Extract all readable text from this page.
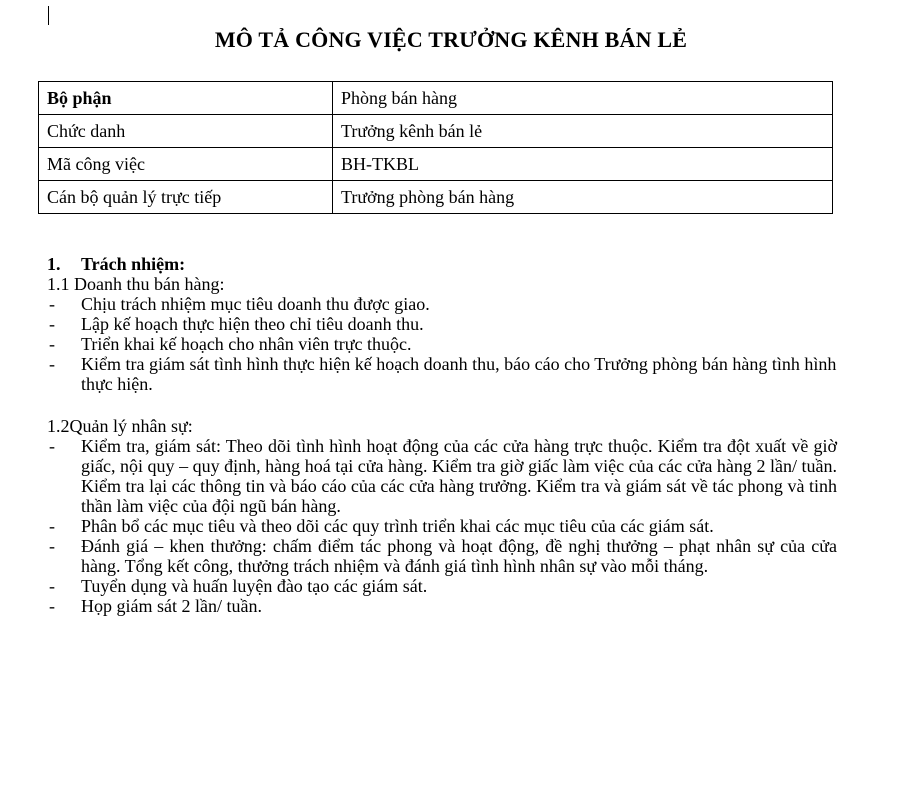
MÔ TẢ CÔNG VIỆC TRƯỞNG KÊNH BÁN LẺ
Bộ phận	Phòng bán hàng
Chức danh	Trưởng kênh bán lẻ
Mã công việc	BH-TKBL
Cán bộ quản lý trực tiếp	Trưởng phòng bán hàng
1. Trách nhiệm:
1.1 Doanh thu bán hàng:
- Chịu trách nhiệm mục tiêu doanh thu được giao.
- Lập kế hoạch thực hiện theo chỉ tiêu doanh thu.
- Triển khai kế hoạch cho nhân viên trực thuộc.
- Kiểm tra giám sát tình hình thực hiện kế hoạch doanh thu, báo cáo cho Trưởng phòng bán hàng tình hình thực hiện.
1.2Quản lý nhân sự:
- Kiểm tra, giám sát: Theo dõi tình hình hoạt động của các cửa hàng trực thuộc. Kiểm tra đột xuất về giờ giấc, nội quy – quy định, hàng hoá tại cửa hàng. Kiểm tra giờ giấc làm việc của các cửa hàng 2 lần/ tuần. Kiểm tra lại các thông tin và báo cáo của các cửa hàng trưởng. Kiểm tra và giám sát về tác phong và tinh thần làm việc của đội ngũ bán hàng.
- Phân bổ các mục tiêu và theo dõi các quy trình triển khai các mục tiêu của các giám sát.
- Đánh giá – khen thưởng: chấm điểm tác phong và hoạt động, đề nghị thưởng – phạt nhân sự của cửa hàng. Tổng kết công, thưởng trách nhiệm và đánh giá tình hình nhân sự vào mỗi tháng.
- Tuyển dụng và huấn luyện đào tạo các giám sát.
- Họp giám sát 2 lần/ tuần.
